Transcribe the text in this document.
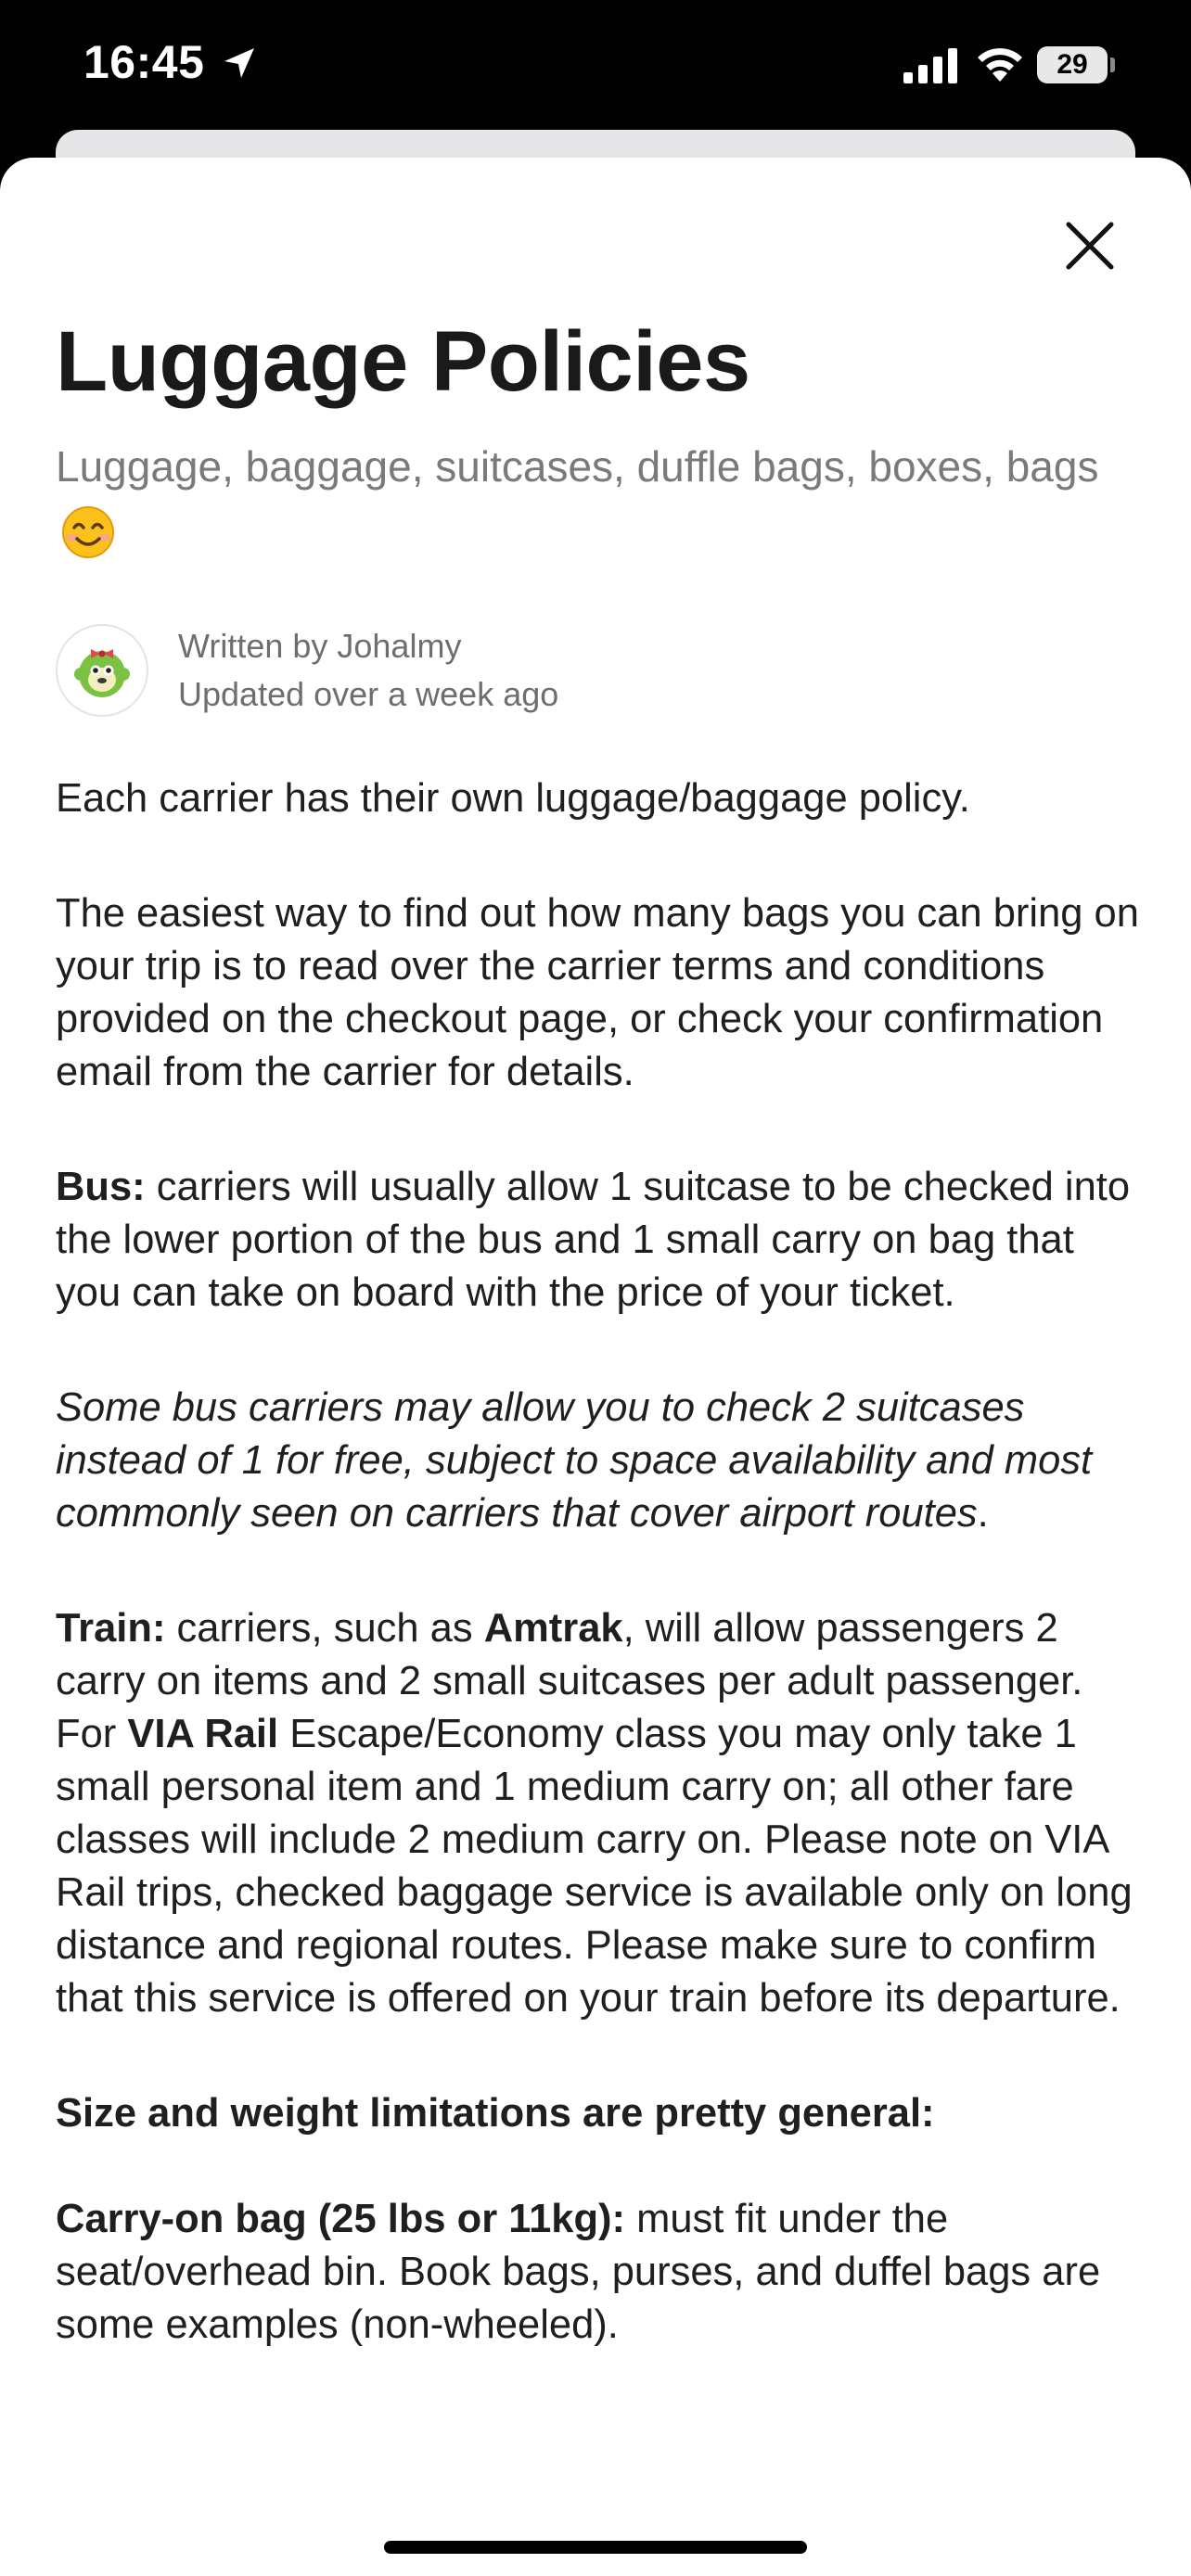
16:45	29
Luggage Policies
Luggage, baggage, suitcases, duffle bags, boxes, bags
Written by Johalmy
Updated over a week ago

Each carrier has their own luggage/baggage policy.

The easiest way to find out how many bags you can bring on your trip is to read over the carrier terms and conditions provided on the checkout page, or check your confirmation email from the carrier for details.

Bus: carriers will usually allow 1 suitcase to be checked into the lower portion of the bus and 1 small carry on bag that you can take on board with the price of your ticket.

Some bus carriers may allow you to check 2 suitcases instead of 1 for free, subject to space availability and most commonly seen on carriers that cover airport routes.

Train: carriers, such as Amtrak, will allow passengers 2 carry on items and 2 small suitcases per adult passenger. For VIA Rail Escape/Economy class you may only take 1 small personal item and 1 medium carry on; all other fare classes will include 2 medium carry on. Please note on VIA Rail trips, checked baggage service is available only on long distance and regional routes. Please make sure to confirm that this service is offered on your train before its departure.

Size and weight limitations are pretty general:

Carry-on bag (25 lbs or 11kg): must fit under the seat/overhead bin. Book bags, purses, and duffel bags are some examples (non-wheeled).
